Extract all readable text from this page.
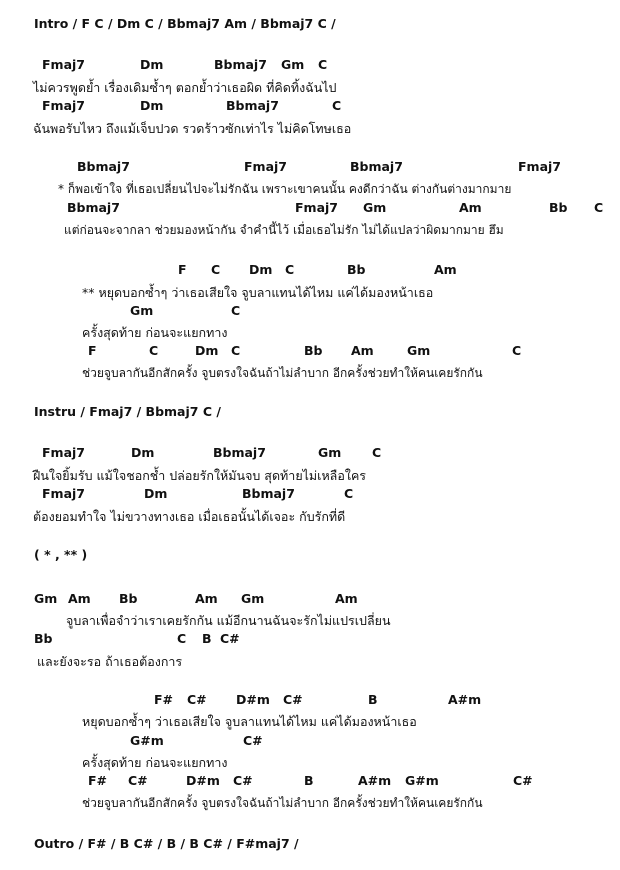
Intro / F C / Dm C / Bbmaj7 Am / Bbmaj7 C /
Fmaj7	Dm	Bbmaj7 Gm C
ไม่ควรพูดย้ำ เรื่องเดิมซ้ำๆ ตอกย้ำว่าเธอผิด ที่คิดทิ้งฉันไป
Fmaj7	Dm	Bbmaj7	C
ฉันพอรับไหว ถึงแม้เจ็บปวด รวดร้าวซักเท่าไร ไม่คิดโทษเธอ
Bbmaj7	Fmaj7	Bbmaj7	Fmaj7
* ก็พอเข้าใจ ที่เธอเปลี่ยนไปจะไม่รักฉัน เพราะเขาคนนั้น คงดีกว่าฉัน ต่างกันต่างมากมาย
Bbmaj7	Fmaj7 Gm	Am	Bb C
แต่ก่อนจะจากลา ช่วยมองหน้ากัน จำคำนี้ไว้ เมื่อเธอไม่รัก ไม่ได้แปลว่าผิดมากมาย ฮึม
F C Dm C	Bb	Am
** หยุดบอกซ้ำๆ ว่าเธอเสียใจ จูบลาแทนได้ไหม แค่ได้มองหน้าเธอ
Gm	C
ครั้งสุดท้าย ก่อนจะแยกทาง
F	C	Dm C	Bb Am	Gm	C
ช่วยจูบลากันอีกสักครั้ง จูบตรงใจฉันถ้าไม่ลำบาก อีกครั้งช่วยทำให้คนเคยรักกัน
Instru / Fmaj7 / Bbmaj7 C /
Fmaj7	Dm	Bbmaj7	Gm C
ฝืนใจยิ้มรับ แม้ใจชอกช้ำ ปล่อยรักให้มันจบ สุดท้ายไม่เหลือใคร
Fmaj7	Dm	Bbmaj7	C
ต้องยอมทำใจ ไม่ขวางทางเธอ เมื่อเธอนั้นได้เจอะ กับรักที่ดี
( * , ** )
Gm Am Bb	Am Gm	Am
จูบลาเพื่อจำว่าเราเคยรักกัน แม้อีกนานฉันจะรักไม่แปรเปลี่ยน
Bb	C B C#
และยังจะรอ ถ้าเธอต้องการ
F# C# D#m C#	B	A#m
หยุดบอกซ้ำๆ ว่าเธอเสียใจ จูบลาแทนได้ไหม แค่ได้มองหน้าเธอ
G#m	C#
ครั้งสุดท้าย ก่อนจะแยกทาง
F# C#	D#m C#	B	A#m G#m	C#
ช่วยจูบลากันอีกสักครั้ง จูบตรงใจฉันถ้าไม่ลำบาก อีกครั้งช่วยทำให้คนเคยรักกัน
Outro / F# / B C# / B / B C# / F#maj7 /
